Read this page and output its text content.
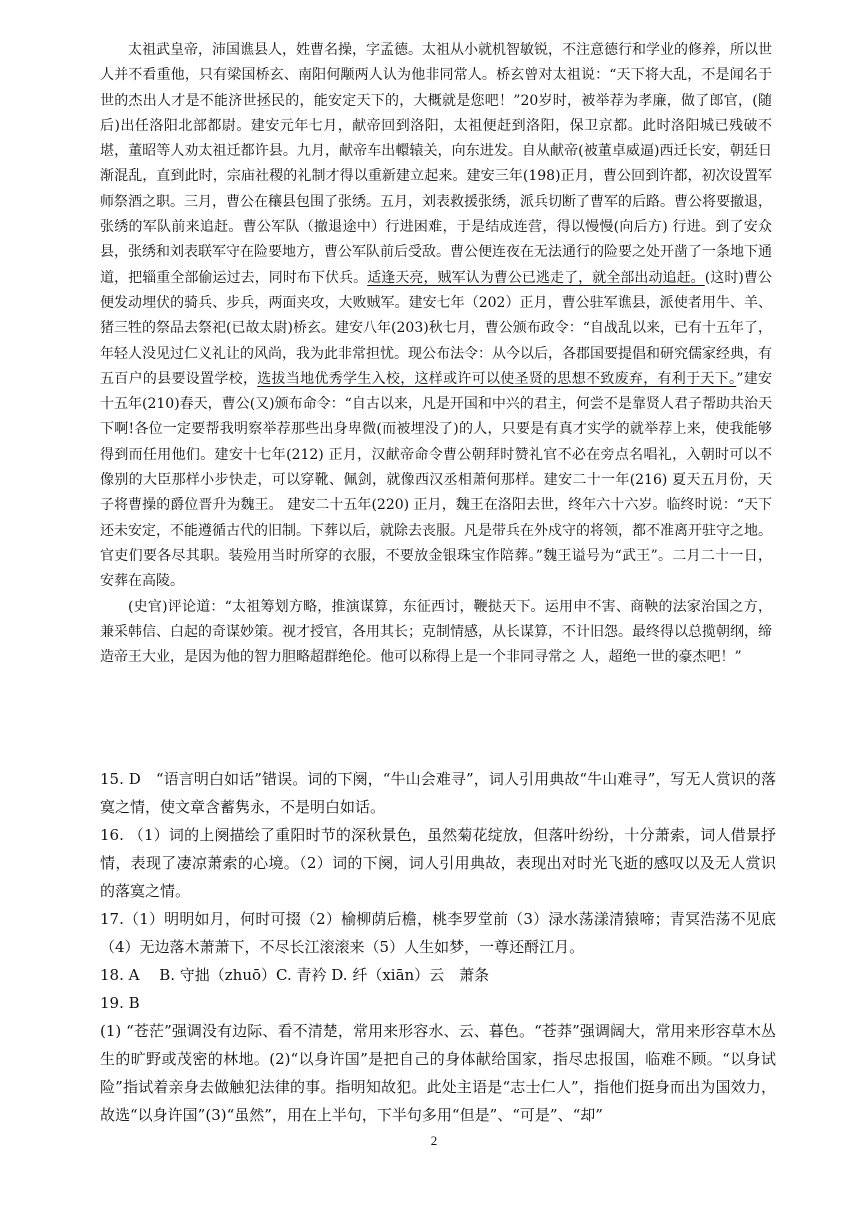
太祖武皇帝，沛国谯县人，姓曹名操，字孟德。太祖从小就机智敏锐，不注意德行和学业的修养，所以世人并不看重他，只有梁国桥玄、南阳何颙两人认为他非同常人。桥玄曾对太祖说：“天下将大乱，不是闻名于世的杰出人才是不能济世拯民的，能安定天下的，大概就是您吧！”20岁时，被举荐为孝廉，做了郎官，(随后)出任洛阳北部都尉。建安元年七月，献帝回到洛阳，太祖便赶到洛阳，保卫京都。此时洛阳城已残破不堪，董昭等人劝太祖迁都许县。九月，献帝车出轘辕关，向东进发。自从献帝(被董卓威逼)西迁长安，朝廷日渐混乱，直到此时，宗庙社稷的礼制才得以重新建立起来。建安三年(198)正月，曹公回到许都，初次设置军师祭酒之职。三月，曹公在穰县包围了张绣。五月，刘表救援张绣，派兵切断了曹军的后路。曹公将要撤退，张绣的军队前来追赶。曹公军队（撤退途中）行进困难，于是结成连营，得以慢慢(向后方) 行进。到了安众县，张绣和刘表联军守在险要地方，曹公军队前后受敌。曹公便连夜在无法通行的险要之处开凿了一条地下通道，把辎重全部偷运过去，同时布下伏兵。适逢天亮，贼军认为曹公已逃走了，就全部出动追赶。(这时)曹公便发动埋伏的骑兵、步兵，两面夹攻，大败贼军。建安七年（202）正月，曹公驻军谯县，派使者用牛、羊、猪三牲的祭品去祭祀(已故太尉)桥玄。建安八年(203)秋七月，曹公颁布政令：“自战乱以来，已有十五年了，年轻人没见过仁义礼让的风尚，我为此非常担忧。现公布法令：从今以后，各郡国要提倡和研究儒家经典，有五百户的县要设置学校，选拔当地优秀学生入校，这样或许可以使圣贤的思想不致废弃，有利于天下。”建安十五年(210)春天，曹公(又)颁布命令：“自古以来，凡是开国和中兴的君主，何尝不是靠贤人君子帮助共治天下啊!各位一定要帮我明察举荐那些出身卑微(而被埋没了)的人，只要是有真才实学的就举荐上来，使我能够得到而任用他们。建安十七年(212) 正月，汉献帝命令曹公朝拜时赞礼官不必在旁点名唱礼，入朝时可以不像别的大臣那样小步快走，可以穿靴、佩剑，就像西汉丞相萧何那样。建安二十一年(216) 夏天五月份，天子将曹操的爵位晋升为魏王。 建安二十五年(220) 正月，魏王在洛阳去世，终年六十六岁。临终时说：“天下还未安定，不能遵循古代的旧制。下葬以后，就除去丧服。凡是带兵在外戍守的将领，都不准离开驻守之地。官吏们要各尽其职。装殓用当时所穿的衣服，不要放金银珠宝作陪葬。”魏王谥号为“武王”。二月二十一日，安葬在高陵。

(史官)评论道：“太祖筹划方略，推演谋算，东征西讨，鞭挞天下。运用申不害、商鞅的法家治国之方，兼采韩信、白起的奇谋妙策。视才授官，各用其长；克制情感，从长谋算，不计旧怨。最终得以总揽朝纲，缔造帝王大业，是因为他的智力胆略超群绝伦。他可以称得上是一个非同寻常之 人，超绝一世的豪杰吧！”

15. D　“语言明白如话”错误。词的下阕，“牛山会难寻”，词人引用典故“牛山难寻”，写无人赏识的落寞之情，使文章含蓄隽永，不是明白如话。

16. （1）词的上阕描绘了重阳时节的深秋景色，虽然菊花绽放，但落叶纷纷，十分萧索，词人借景抒情，表现了凄凉萧索的心境。（2）词的下阕，词人引用典故，表现出对时光飞逝的感叹以及无人赏识的落寞之情。

17.（1）明明如月，何时可掇（2）榆柳荫后檐，桃李罗堂前（3）渌水荡漾清猿啼；青冥浩荡不见底（4）无边落木萧萧下，不尽长江滚滚来（5）人生如梦，一尊还酹江月。

18. A　 B. 守拙（zhuō）C. 青衿 D. 纤（xiān）云　萧条

19. B

(1) “苍茫”强调没有边际、看不清楚，常用来形容水、云、暮色。“苍莽”强调阔大，常用来形容草木丛生的旷野或茂密的林地。(2)“以身许国”是把自己的身体献给国家，指尽忠报国，临难不顾。“以身试险”指试着亲身去做触犯法律的事。指明知故犯。此处主语是“志士仁人”，指他们挺身而出为国效力，故选“以身许国”(3)“虽然”，用在上半句，下半句多用“但是”、“可是”、“却”

2
